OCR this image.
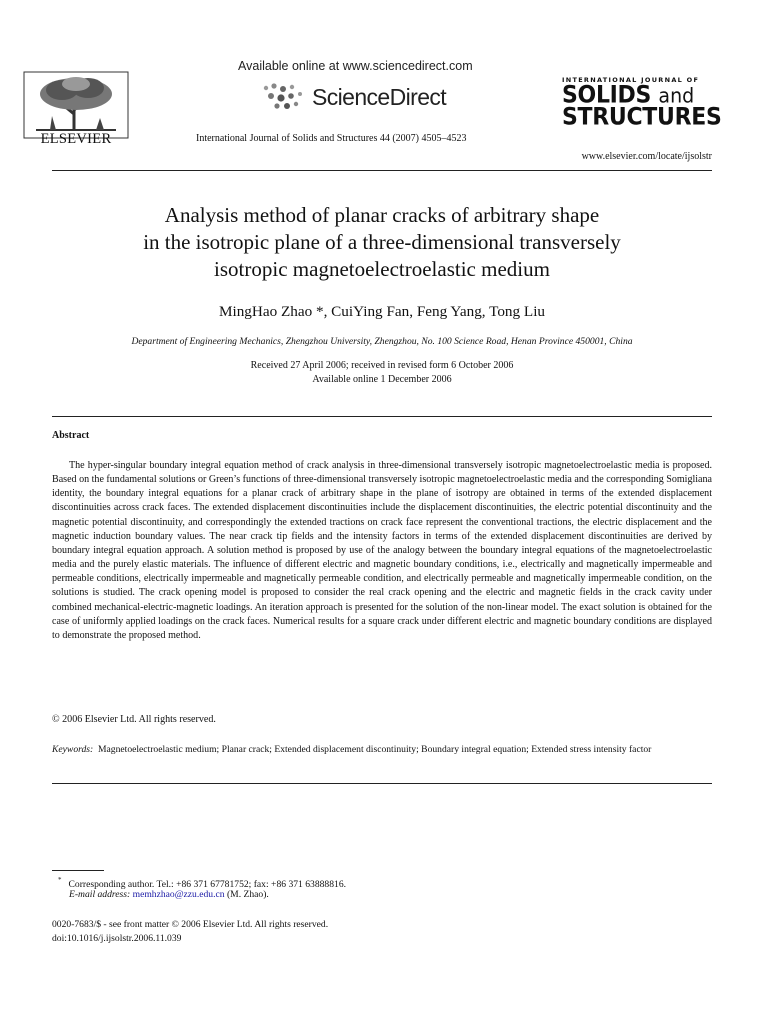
ELSEVIER
Available online at www.sciencedirect.com
ScienceDirect
International Journal of Solids and Structures 44 (2007) 4505–4523
INTERNATIONAL JOURNAL OF
SOLIDS and
STRUCTURES
www.elsevier.com/locate/ijsolstr
Analysis method of planar cracks of arbitrary shape
in the isotropic plane of a three-dimensional transversely
isotropic magnetoelectroelastic medium
MingHao Zhao *, CuiYing Fan, Feng Yang, Tong Liu
Department of Engineering Mechanics, Zhengzhou University, Zhengzhou, No. 100 Science Road, Henan Province 450001, China
Received 27 April 2006; received in revised form 6 October 2006
Available online 1 December 2006
Abstract

The hyper-singular boundary integral equation method of crack analysis in three-dimensional transversely isotropic magnetoelectroelastic media is proposed. Based on the fundamental solutions or Green’s functions of three-dimensional transversely isotropic magnetoelectroelastic media and the corresponding Somigliana identity, the boundary integral equations for a planar crack of arbitrary shape in the plane of isotropy are obtained in terms of the extended displacement discontinuities across crack faces. The extended displacement discontinuities include the displacement discontinuities, the electric potential discontinuity and the magnetic potential discontinuity, and correspondingly the extended tractions on crack face represent the conventional tractions, the electric displacement and the magnetic induction boundary values. The near crack tip fields and the intensity factors in terms of the extended displacement discontinuities are derived by boundary integral equation approach. A solution method is proposed by use of the analogy between the boundary integral equations of the magnetoelectroelastic media and the purely elastic materials. The influence of different electric and magnetic boundary conditions, i.e., electrically and magnetically impermeable and permeable conditions, electrically impermeable and magnetically permeable condition, and electrically permeable and magnetically impermeable condition, on the solutions is studied. The crack opening model is proposed to consider the real crack opening and the electric and magnetic fields in the crack cavity under combined mechanical-electric-magnetic loadings. An iteration approach is presented for the solution of the non-linear model. The exact solution is obtained for the case of uniformly applied loadings on the crack faces. Numerical results for a square crack under different electric and magnetic boundary conditions are displayed to demonstrate the proposed method.

© 2006 Elsevier Ltd. All rights reserved.
Keywords: Magnetoelectroelastic medium; Planar crack; Extended displacement discontinuity; Boundary integral equation; Extended stress intensity factor
* Corresponding author. Tel.: +86 371 67781752; fax: +86 371 63888816.
E-mail address: memhzhao@zzu.edu.cn (M. Zhao).
0020-7683/$ - see front matter © 2006 Elsevier Ltd. All rights reserved.
doi:10.1016/j.ijsolstr.2006.11.039
